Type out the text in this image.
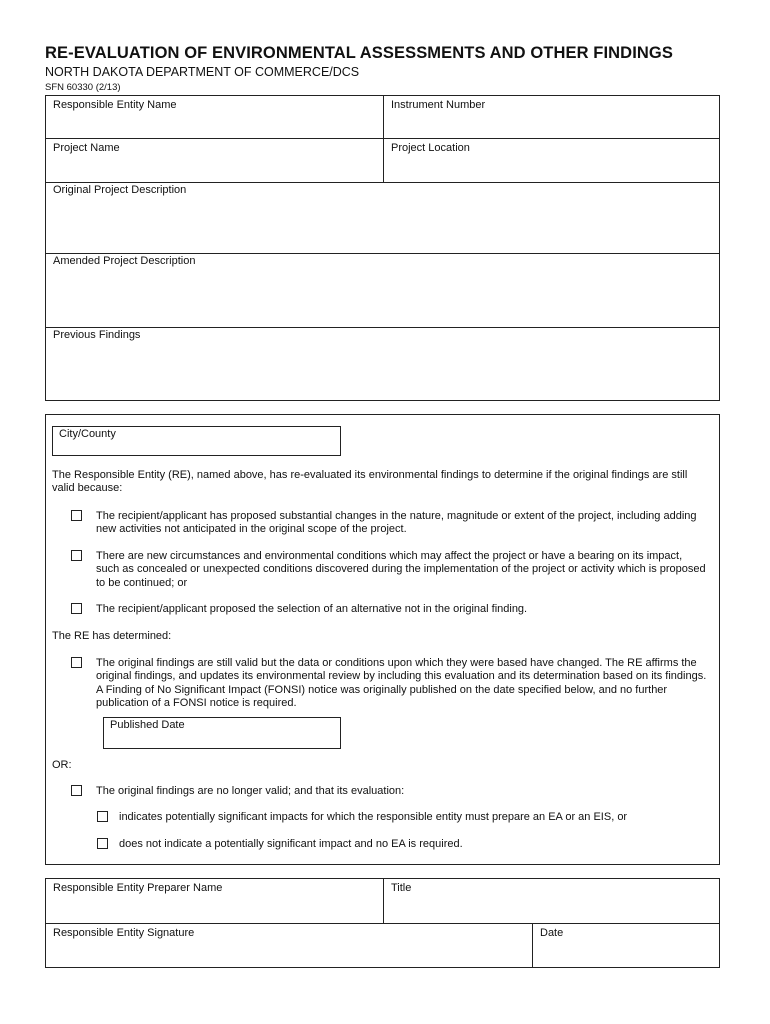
RE-EVALUATION OF ENVIRONMENTAL ASSESSMENTS AND OTHER FINDINGS
NORTH DAKOTA DEPARTMENT OF COMMERCE/DCS
SFN 60330 (2/13)
Responsible Entity Name	Instrument Number
Project Name	Project Location
Original Project Description
Amended Project Description
Previous Findings
City/County
The Responsible Entity (RE), named above, has re-evaluated its environmental findings to determine if the original findings are still valid because:
The recipient/applicant has proposed substantial changes in the nature, magnitude or extent of the project, including adding new activities not anticipated in the original scope of the project.
There are new circumstances and environmental conditions which may affect the project or have a bearing on its impact, such as concealed or unexpected conditions discovered during the implementation of the project or activity which is proposed to be continued; or
The recipient/applicant proposed the selection of an alternative not in the original finding.
The RE has determined:
The original findings are still valid but the data or conditions upon which they were based have changed. The RE affirms the original findings, and updates its environmental review by including this evaluation and its determination based on its findings. A Finding of No Significant Impact (FONSI) notice was originally published on the date specified below, and no further publication of a FONSI notice is required.
Published Date
OR:
The original findings are no longer valid; and that its evaluation:
indicates potentially significant impacts for which the responsible entity must prepare an EA or an EIS, or
does not indicate a potentially significant impact and no EA is required.
Responsible Entity Preparer Name	Title
Responsible Entity Signature	Date
